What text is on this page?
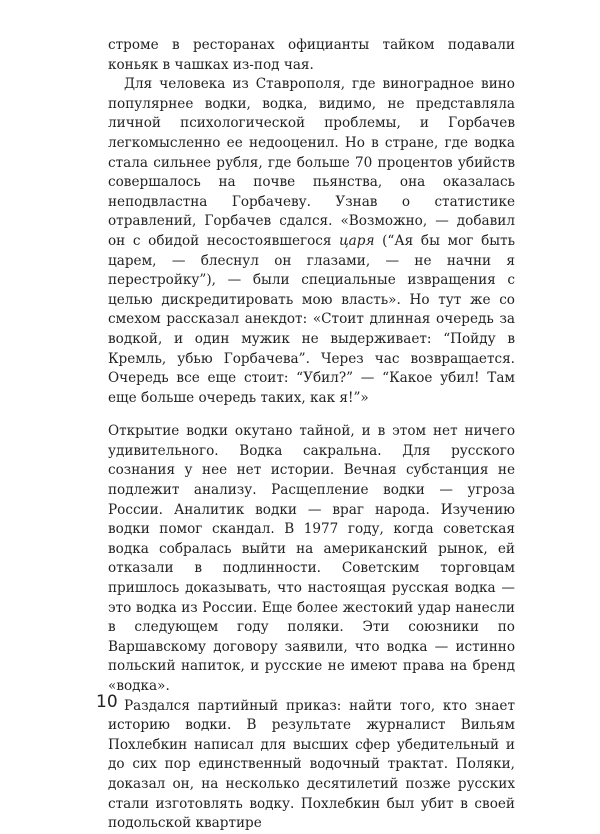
строме в ресторанах официанты тайком подавали коньяк в чашках из-под чая.

Для человека из Ставрополя, где виноградное вино популярнее водки, водка, видимо, не представляла личной психологической проблемы, и Горбачев легкомысленно ее недооценил. Но в стране, где водка стала сильнее рубля, где больше 70 процентов убийств совершалось на почве пьянства, она оказалась неподвластна Горбачеву. Узнав о статистике отравлений, Горбачев сдался. «Возможно, — добавил он с обидой несостоявшегося царя (“Ая бы мог быть царем, — блеснул он глазами, — не начни я перестройку”), — были специальные извращения с целью дискредитировать мою власть». Но тут же со смехом рассказал анекдот: «Стоит длинная очередь за водкой, и один мужик не выдерживает: “Пойду в Кремль, убью Горбачева”. Через час возвращается. Очередь все еще стоит: “Убил?” — “Какое убил! Там еще больше очередь таких, как я!”»

Открытие водки окутано тайной, и в этом нет ничего удивительного. Водка сакральна. Для русского сознания у нее нет истории. Вечная субстанция не подлежит анализу. Расщепление водки — угроза России. Аналитик водки — враг народа. Изучению водки помог скандал. В 1977 году, когда советская водка собралась выйти на американский рынок, ей отказали в подлинности. Советским торговцам пришлось доказывать, что настоящая русская водка — это водка из России. Еще более жестокий удар нанесли в следующем году поляки. Эти союзники по Варшавскому договору заявили, что водка — истинно польский напиток, и русские не имеют права на бренд «водка».

Раздался партийный приказ: найти того, кто знает историю водки. В результате журналист Вильям Похлебкин написал для высших сфер убедительный и до сих пор единственный водочный трактат. Поляки, доказал он, на несколько десятилетий позже русских стали изготовлять водку. Похлебкин был убит в своей подольской квартире

10
